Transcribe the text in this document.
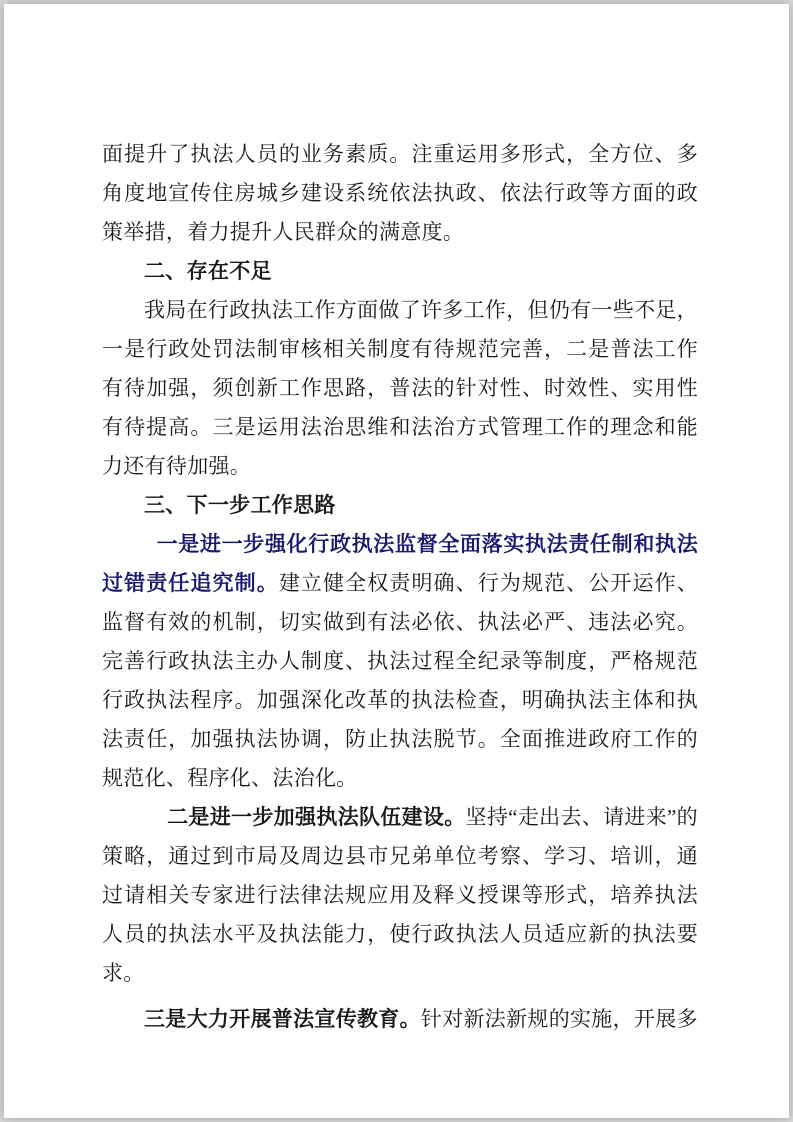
面提升了执法人员的业务素质。注重运用多形式，全方位、多角度地宣传住房城乡建设系统依法执政、依法行政等方面的政策举措，着力提升人民群众的满意度。

二、存在不足

我局在行政执法工作方面做了许多工作，但仍有一些不足，一是行政处罚法制审核相关制度有待规范完善，二是普法工作有待加强，须创新工作思路，普法的针对性、时效性、实用性有待提高。三是运用法治思维和法治方式管理工作的理念和能力还有待加强。

三、下一步工作思路

一是进一步强化行政执法监督全面落实执法责任制和执法过错责任追究制。建立健全权责明确、行为规范、公开运作、监督有效的机制，切实做到有法必依、执法必严、违法必究。完善行政执法主办人制度、执法过程全纪录等制度，严格规范行政执法程序。加强深化改革的执法检查，明确执法主体和执法责任，加强执法协调，防止执法脱节。全面推进政府工作的规范化、程序化、法治化。

二是进一步加强执法队伍建设。坚持“走出去、请进来”的策略，通过到市局及周边县市兄弟单位考察、学习、培训，通过请相关专家进行法律法规应用及释义授课等形式，培养执法人员的执法水平及执法能力，使行政执法人员适应新的执法要求。

三是大力开展普法宣传教育。针对新法新规的实施，开展多
